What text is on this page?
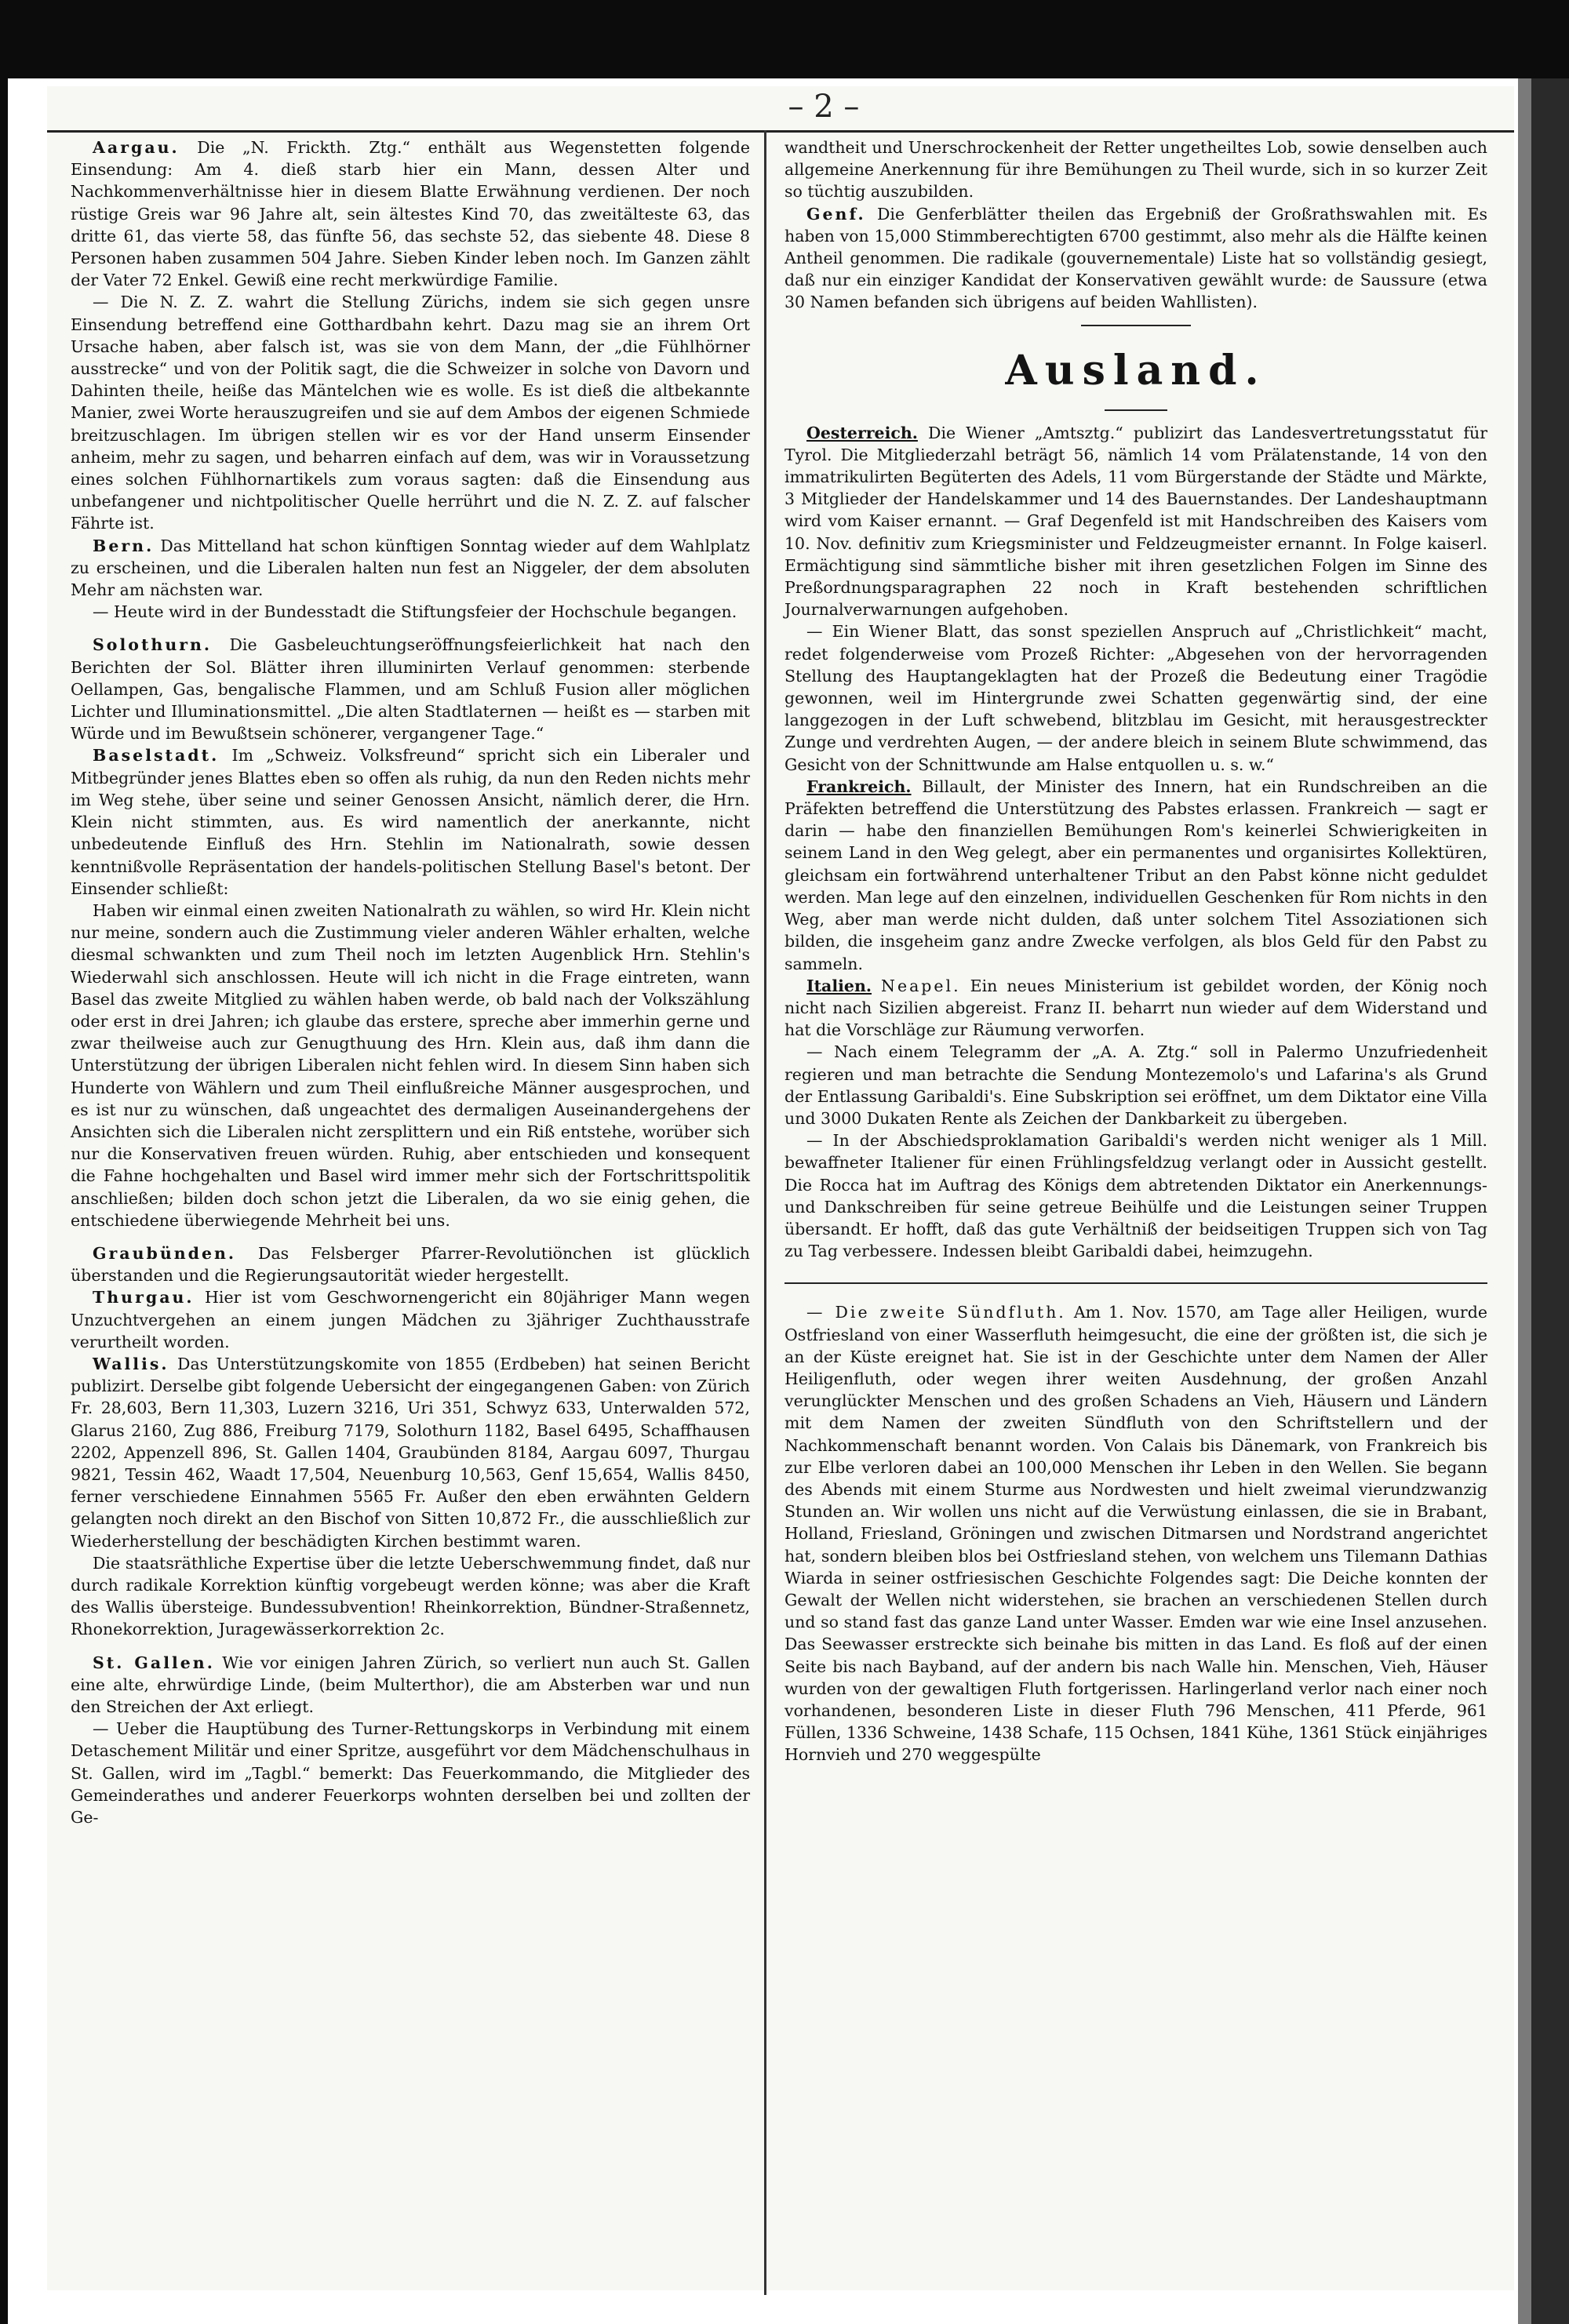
– 2 –

Aargau. Die „N. Frickth. Ztg.“ enthält aus Wegenstetten folgende Einsendung: Am 4. dieß starb hier ein Mann, dessen Alter und Nachkommenverhältnisse hier in diesem Blatte Erwähnung verdienen. Der noch rüstige Greis war 96 Jahre alt, sein ältestes Kind 70, das zweitälteste 63, das dritte 61, das vierte 58, das fünfte 56, das sechste 52, das siebente 48. Diese 8 Personen haben zusammen 504 Jahre. Sieben Kinder leben noch. Im Ganzen zählt der Vater 72 Enkel. Gewiß eine recht merkwürdige Familie.

— Die N. Z. Z. wahrt die Stellung Zürichs, indem sie sich gegen unsre Einsendung betreffend eine Gotthardbahn kehrt. Dazu mag sie an ihrem Ort Ursache haben, aber falsch ist, was sie von dem Mann, der „die Fühlhörner ausstrecke“ und von der Politik sagt, die die Schweizer in solche von Davorn und Dahinten theile, heiße das Mäntelchen wie es wolle. Es ist dieß die altbekannte Manier, zwei Worte herauszugreifen und sie auf dem Ambos der eigenen Schmiede breitzuschlagen. Im übrigen stellen wir es vor der Hand unserm Einsender anheim, mehr zu sagen, und beharren einfach auf dem, was wir in Voraussetzung eines solchen Fühlhornartikels zum voraus sagten: daß die Einsendung aus unbefangener und nichtpolitischer Quelle herrührt und die N. Z. Z. auf falscher Fährte ist.

Bern. Das Mittelland hat schon künftigen Sonntag wieder auf dem Wahlplatz zu erscheinen, und die Liberalen halten nun fest an Niggeler, der dem absoluten Mehr am nächsten war.

— Heute wird in der Bundesstadt die Stiftungsfeier der Hochschule begangen.

Solothurn. Die Gasbeleuchtungseröffnungsfeierlichkeit hat nach den Berichten der Sol. Blätter ihren illuminirten Verlauf genommen: sterbende Oellampen, Gas, bengalische Flammen, und am Schluß Fusion aller möglichen Lichter und Illuminationsmittel. „Die alten Stadtlaternen — heißt es — starben mit Würde und im Bewußtsein schönerer, vergangener Tage.“

Baselstadt. Im „Schweiz. Volksfreund“ spricht sich ein Liberaler und Mitbegründer jenes Blattes eben so offen als ruhig, da nun den Reden nichts mehr im Weg stehe, über seine und seiner Genossen Ansicht, nämlich derer, die Hrn. Klein nicht stimmten, aus. Es wird namentlich der anerkannte, nicht unbedeutende Einfluß des Hrn. Stehlin im Nationalrath, sowie dessen kenntnißvolle Repräsentation der handels-politischen Stellung Basel's betont. Der Einsender schließt:

Haben wir einmal einen zweiten Nationalrath zu wählen, so wird Hr. Klein nicht nur meine, sondern auch die Zustimmung vieler anderen Wähler erhalten, welche diesmal schwankten und zum Theil noch im letzten Augenblick Hrn. Stehlin's Wiederwahl sich anschlossen. Heute will ich nicht in die Frage eintreten, wann Basel das zweite Mitglied zu wählen haben werde, ob bald nach der Volkszählung oder erst in drei Jahren; ich glaube das erstere, spreche aber immerhin gerne und zwar theilweise auch zur Genugthuung des Hrn. Klein aus, daß ihm dann die Unterstützung der übrigen Liberalen nicht fehlen wird. In diesem Sinn haben sich Hunderte von Wählern und zum Theil einflußreiche Männer ausgesprochen, und es ist nur zu wünschen, daß ungeachtet des dermaligen Auseinandergehens der Ansichten sich die Liberalen nicht zersplittern und ein Riß entstehe, worüber sich nur die Konservativen freuen würden. Ruhig, aber entschieden und konsequent die Fahne hochgehalten und Basel wird immer mehr sich der Fortschrittspolitik anschließen; bilden doch schon jetzt die Liberalen, da wo sie einig gehen, die entschiedene überwiegende Mehrheit bei uns.

Graubünden. Das Felsberger Pfarrer-Revolutiönchen ist glücklich überstanden und die Regierungsautorität wieder hergestellt.

Thurgau. Hier ist vom Geschwornengericht ein 80jähriger Mann wegen Unzuchtvergehen an einem jungen Mädchen zu 3jähriger Zuchthausstrafe verurtheilt worden.

Wallis. Das Unterstützungskomite von 1855 (Erdbeben) hat seinen Bericht publizirt. Derselbe gibt folgende Uebersicht der eingegangenen Gaben: von Zürich Fr. 28,603, Bern 11,303, Luzern 3216, Uri 351, Schwyz 633, Unterwalden 572, Glarus 2160, Zug 886, Freiburg 7179, Solothurn 1182, Basel 6495, Schaffhausen 2202, Appenzell 896, St. Gallen 1404, Graubünden 8184, Aargau 6097, Thurgau 9821, Tessin 462, Waadt 17,504, Neuenburg 10,563, Genf 15,654, Wallis 8450, ferner verschiedene Einnahmen 5565 Fr. Außer den eben erwähnten Geldern gelangten noch direkt an den Bischof von Sitten 10,872 Fr., die ausschließlich zur Wiederherstellung der beschädigten Kirchen bestimmt waren.

Die staatsräthliche Expertise über die letzte Ueberschwemmung findet, daß nur durch radikale Korrektion künftig vorgebeugt werden könne; was aber die Kraft des Wallis übersteige. Bundessubvention! Rheinkorrektion, Bündner-Straßennetz, Rhonekorrektion, Juragewässerkorrektion 2c.

St. Gallen. Wie vor einigen Jahren Zürich, so verliert nun auch St. Gallen eine alte, ehrwürdige Linde, (beim Multerthor), die am Absterben war und nun den Streichen der Axt erliegt.

— Ueber die Hauptübung des Turner-Rettungskorps in Verbindung mit einem Detaschement Militär und einer Spritze, ausgeführt vor dem Mädchenschulhaus in St. Gallen, wird im „Tagbl.“ bemerkt: Das Feuerkommando, die Mitglieder des Gemeinderathes und anderer Feuerkorps wohnten derselben bei und zollten der Ge-

wandtheit und Unerschrockenheit der Retter ungetheiltes Lob, sowie denselben auch allgemeine Anerkennung für ihre Bemühungen zu Theil wurde, sich in so kurzer Zeit so tüchtig auszubilden.

Genf. Die Genferblätter theilen das Ergebniß der Großrathswahlen mit. Es haben von 15,000 Stimmberechtigten 6700 gestimmt, also mehr als die Hälfte keinen Antheil genommen. Die radikale (gouvernementale) Liste hat so vollständig gesiegt, daß nur ein einziger Kandidat der Konservativen gewählt wurde: de Saussure (etwa 30 Namen befanden sich übrigens auf beiden Wahllisten).

Ausland.

Oesterreich. Die Wiener „Amtsztg.“ publizirt das Landesvertretungsstatut für Tyrol. Die Mitgliederzahl beträgt 56, nämlich 14 vom Prälatenstande, 14 von den immatrikulirten Begüterten des Adels, 11 vom Bürgerstande der Städte und Märkte, 3 Mitglieder der Handelskammer und 14 des Bauernstandes. Der Landeshauptmann wird vom Kaiser ernannt. — Graf Degenfeld ist mit Handschreiben des Kaisers vom 10. Nov. definitiv zum Kriegsminister und Feldzeugmeister ernannt. In Folge kaiserl. Ermächtigung sind sämmtliche bisher mit ihren gesetzlichen Folgen im Sinne des Preßordnungsparagraphen 22 noch in Kraft bestehenden schriftlichen Journalverwarnungen aufgehoben.

— Ein Wiener Blatt, das sonst speziellen Anspruch auf „Christlichkeit“ macht, redet folgenderweise vom Prozeß Richter: „Abgesehen von der hervorragenden Stellung des Hauptangeklagten hat der Prozeß die Bedeutung einer Tragödie gewonnen, weil im Hintergrunde zwei Schatten gegenwärtig sind, der eine langgezogen in der Luft schwebend, blitzblau im Gesicht, mit herausgestreckter Zunge und verdrehten Augen, — der andere bleich in seinem Blute schwimmend, das Gesicht von der Schnittwunde am Halse entquollen u. s. w.“

Frankreich. Billault, der Minister des Innern, hat ein Rundschreiben an die Präfekten betreffend die Unterstützung des Pabstes erlassen. Frankreich — sagt er darin — habe den finanziellen Bemühungen Rom's keinerlei Schwierigkeiten in seinem Land in den Weg gelegt, aber ein permanentes und organisirtes Kollektüren, gleichsam ein fortwährend unterhaltener Tribut an den Pabst könne nicht geduldet werden. Man lege auf den einzelnen, individuellen Geschenken für Rom nichts in den Weg, aber man werde nicht dulden, daß unter solchem Titel Assoziationen sich bilden, die insgeheim ganz andre Zwecke verfolgen, als blos Geld für den Pabst zu sammeln.

Italien. Neapel. Ein neues Ministerium ist gebildet worden, der König noch nicht nach Sizilien abgereist. Franz II. beharrt nun wieder auf dem Widerstand und hat die Vorschläge zur Räumung verworfen.

— Nach einem Telegramm der „A. A. Ztg.“ soll in Palermo Unzufriedenheit regieren und man betrachte die Sendung Montezemolo's und Lafarina's als Grund der Entlassung Garibaldi's. Eine Subskription sei eröffnet, um dem Diktator eine Villa und 3000 Dukaten Rente als Zeichen der Dankbarkeit zu übergeben.

— In der Abschiedsproklamation Garibaldi's werden nicht weniger als 1 Mill. bewaffneter Italiener für einen Frühlingsfeldzug verlangt oder in Aussicht gestellt. Die Rocca hat im Auftrag des Königs dem abtretenden Diktator ein Anerkennungs- und Dankschreiben für seine getreue Beihülfe und die Leistungen seiner Truppen übersandt. Er hofft, daß das gute Verhältniß der beidseitigen Truppen sich von Tag zu Tag verbessere. Indessen bleibt Garibaldi dabei, heimzugehn.

— Die zweite Sündfluth. Am 1. Nov. 1570, am Tage aller Heiligen, wurde Ostfriesland von einer Wasserfluth heimgesucht, die eine der größten ist, die sich je an der Küste ereignet hat. Sie ist in der Geschichte unter dem Namen der Aller Heiligenfluth, oder wegen ihrer weiten Ausdehnung, der großen Anzahl verunglückter Menschen und des großen Schadens an Vieh, Häusern und Ländern mit dem Namen der zweiten Sündfluth von den Schriftstellern und der Nachkommenschaft benannt worden. Von Calais bis Dänemark, von Frankreich bis zur Elbe verloren dabei an 100,000 Menschen ihr Leben in den Wellen. Sie begann des Abends mit einem Sturme aus Nordwesten und hielt zweimal vierundzwanzig Stunden an. Wir wollen uns nicht auf die Verwüstung einlassen, die sie in Brabant, Holland, Friesland, Gröningen und zwischen Ditmarsen und Nordstrand angerichtet hat, sondern bleiben blos bei Ostfriesland stehen, von welchem uns Tilemann Dathias Wiarda in seiner ostfriesischen Geschichte Folgendes sagt: Die Deiche konnten der Gewalt der Wellen nicht widerstehen, sie brachen an verschiedenen Stellen durch und so stand fast das ganze Land unter Wasser. Emden war wie eine Insel anzusehen. Das Seewasser erstreckte sich beinahe bis mitten in das Land. Es floß auf der einen Seite bis nach Bayband, auf der andern bis nach Walle hin. Menschen, Vieh, Häuser wurden von der gewaltigen Fluth fortgerissen. Harlingerland verlor nach einer noch vorhandenen, besonderen Liste in dieser Fluth 796 Menschen, 411 Pferde, 961 Füllen, 1336 Schweine, 1438 Schafe, 115 Ochsen, 1841 Kühe, 1361 Stück einjähriges Hornvieh und 270 weggespülte
